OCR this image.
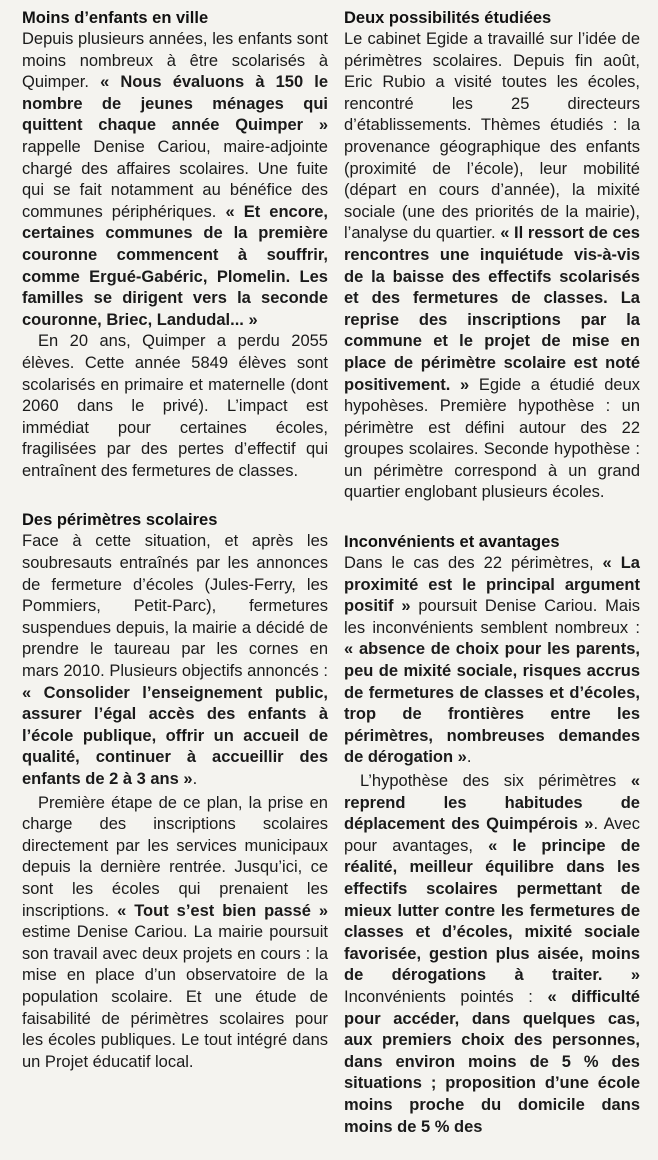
Moins d’enfants en ville

Depuis plusieurs années, les enfants sont moins nombreux à être scolarisés à Quimper. « Nous évaluons à 150 le nombre de jeunes ménages qui quittent chaque année Quimper » rappelle Denise Cariou, maire-adjointe chargé des affaires scolaires. Une fuite qui se fait notamment au bénéfice des communes périphériques. « Et encore, certaines communes de la première couronne commencent à souffrir, comme Ergué-Gabéric, Plomelin. Les familles se dirigent vers la seconde couronne, Briec, Landudal... »

En 20 ans, Quimper a perdu 2055 élèves. Cette année 5849 élèves sont scolarisés en primaire et maternelle (dont 2060 dans le privé). L’impact est immédiat pour certaines écoles, fragilisées par des pertes d’effectif qui entraînent des fermetures de classes.

Des périmètres scolaires

Face à cette situation, et après les soubresauts entraînés par les annonces de fermeture d’écoles (Jules-Ferry, les Pommiers, Petit-Parc), fermetures suspendues depuis, la mairie a décidé de prendre le taureau par les cornes en mars 2010. Plusieurs objectifs annoncés : « Consolider l’enseignement public, assurer l’égal accès des enfants à l’école publique, offrir un accueil de qualité, continuer à accueillir des enfants de 2 à 3 ans ».

Première étape de ce plan, la prise en charge des inscriptions scolaires directement par les services municipaux depuis la dernière rentrée. Jusqu’ici, ce sont les écoles qui prenaient les inscriptions. « Tout s’est bien passé » estime Denise Cariou. La mairie poursuit son travail avec deux projets en cours : la mise en place d’un observatoire de la population scolaire. Et une étude de faisabilité de périmètres scolaires pour les écoles publiques. Le tout intégré dans un Projet éducatif local.

Deux possibilités étudiées

Le cabinet Egide a travaillé sur l’idée de périmètres scolaires. Depuis fin août, Eric Rubio a visité toutes les écoles, rencontré les 25 directeurs d’établissements. Thèmes étudiés : la provenance géographique des enfants (proximité de l’école), leur mobilité (départ en cours d’année), la mixité sociale (une des priorités de la mairie), l’analyse du quartier. « Il ressort de ces rencontres une inquiétude vis-à-vis de la baisse des effectifs scolarisés et des fermetures de classes. La reprise des inscriptions par la commune et le projet de mise en place de périmètre scolaire est noté positivement. » Egide a étudié deux hypohèses. Première hypothèse : un périmètre est défini autour des 22 groupes scolaires. Seconde hypothèse : un périmètre correspond à un grand quartier englobant plusieurs écoles.

Inconvénients et avantages

Dans le cas des 22 périmètres, « La proximité est le principal argument positif » poursuit Denise Cariou. Mais les inconvénients semblent nombreux : « absence de choix pour les parents, peu de mixité sociale, risques accrus de fermetures de classes et d’écoles, trop de frontières entre les périmètres, nombreuses demandes de dérogation ».

L’hypothèse des six périmètres « reprend les habitudes de déplacement des Quimpérois ». Avec pour avantages, « le principe de réalité, meilleur équilibre dans les effectifs scolaires permettant de mieux lutter contre les fermetures de classes et d’écoles, mixité sociale favorisée, gestion plus aisée, moins de dérogations à traiter. » Inconvénients pointés : « difficulté pour accéder, dans quelques cas, aux premiers choix des personnes, dans environ moins de 5 % des situations ; proposition d’une école moins proche du domicile dans moins de 5 % des
